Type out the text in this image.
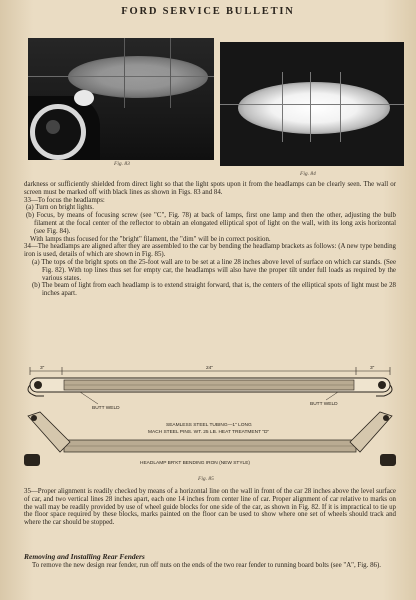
FORD SERVICE BULLETIN
Fig. 83
Fig. 84

darkness or sufficiently shielded from direct light so that the light spots upon it from the headlamps can be clearly seen. The wall or screen must be marked off with black lines as shown in Figs. 83 and 84.

33—To focus the headlamps:

(a) Turn on bright lights.

(b) Focus, by means of focusing screw (see "C", Fig. 78) at back of lamps, first one lamp and then the other, adjusting the bulb filament at the focal center of the reflector to obtain an elongated elliptical spot of light on the wall, with its long axis horizontal (see Fig. 84).

With lamps thus focused for the "bright" filament, the "dim" will be in correct position.

34—The headlamps are aligned after they are assembled to the car by bending the headlamp brackets as follows: (A new type bending iron is used, details of which are shown in Fig. 85).

(a) The tops of the bright spots on the 25-foot wall are to be set at a line 28 inches above level of surface on which car stands. (See Fig. 82). With top lines thus set for empty car, the headlamps will also have the proper tilt under full loads as required by the various states.

(b) The beam of light from each headlamp is to extend straight forward, that is, the centers of the elliptical spots of light must be 28 inches apart.

3"	24"	3"
BUTT WELD
BUTT WELD
SEAMLESS STEEL TUBING—1" LONG
MACH STEEL PINS. WT. 25 LB. HEAT TREATMENT "D"
HEADLAMP BR'KT BENDING IRON (NEW STYLE)
Fig. 85

35—Proper alignment is readily checked by means of a horizontal line on the wall in front of the car 28 inches above the level surface of car, and two vertical lines 28 inches apart, each one 14 inches from center line of car. Proper alignment of car relative to marks on the wall may be readily provided by use of wheel guide blocks for one side of the car, as shown in Fig. 82. If it is impractical to tie up the floor space required by these blocks, marks painted on the floor can be used to show where one set of wheels should track and where the car should be stopped.

Removing and Installing Rear Fenders

To remove the new design rear fender, run off nuts on the ends of the two rear fender to running board bolts (see "A", Fig. 86).
